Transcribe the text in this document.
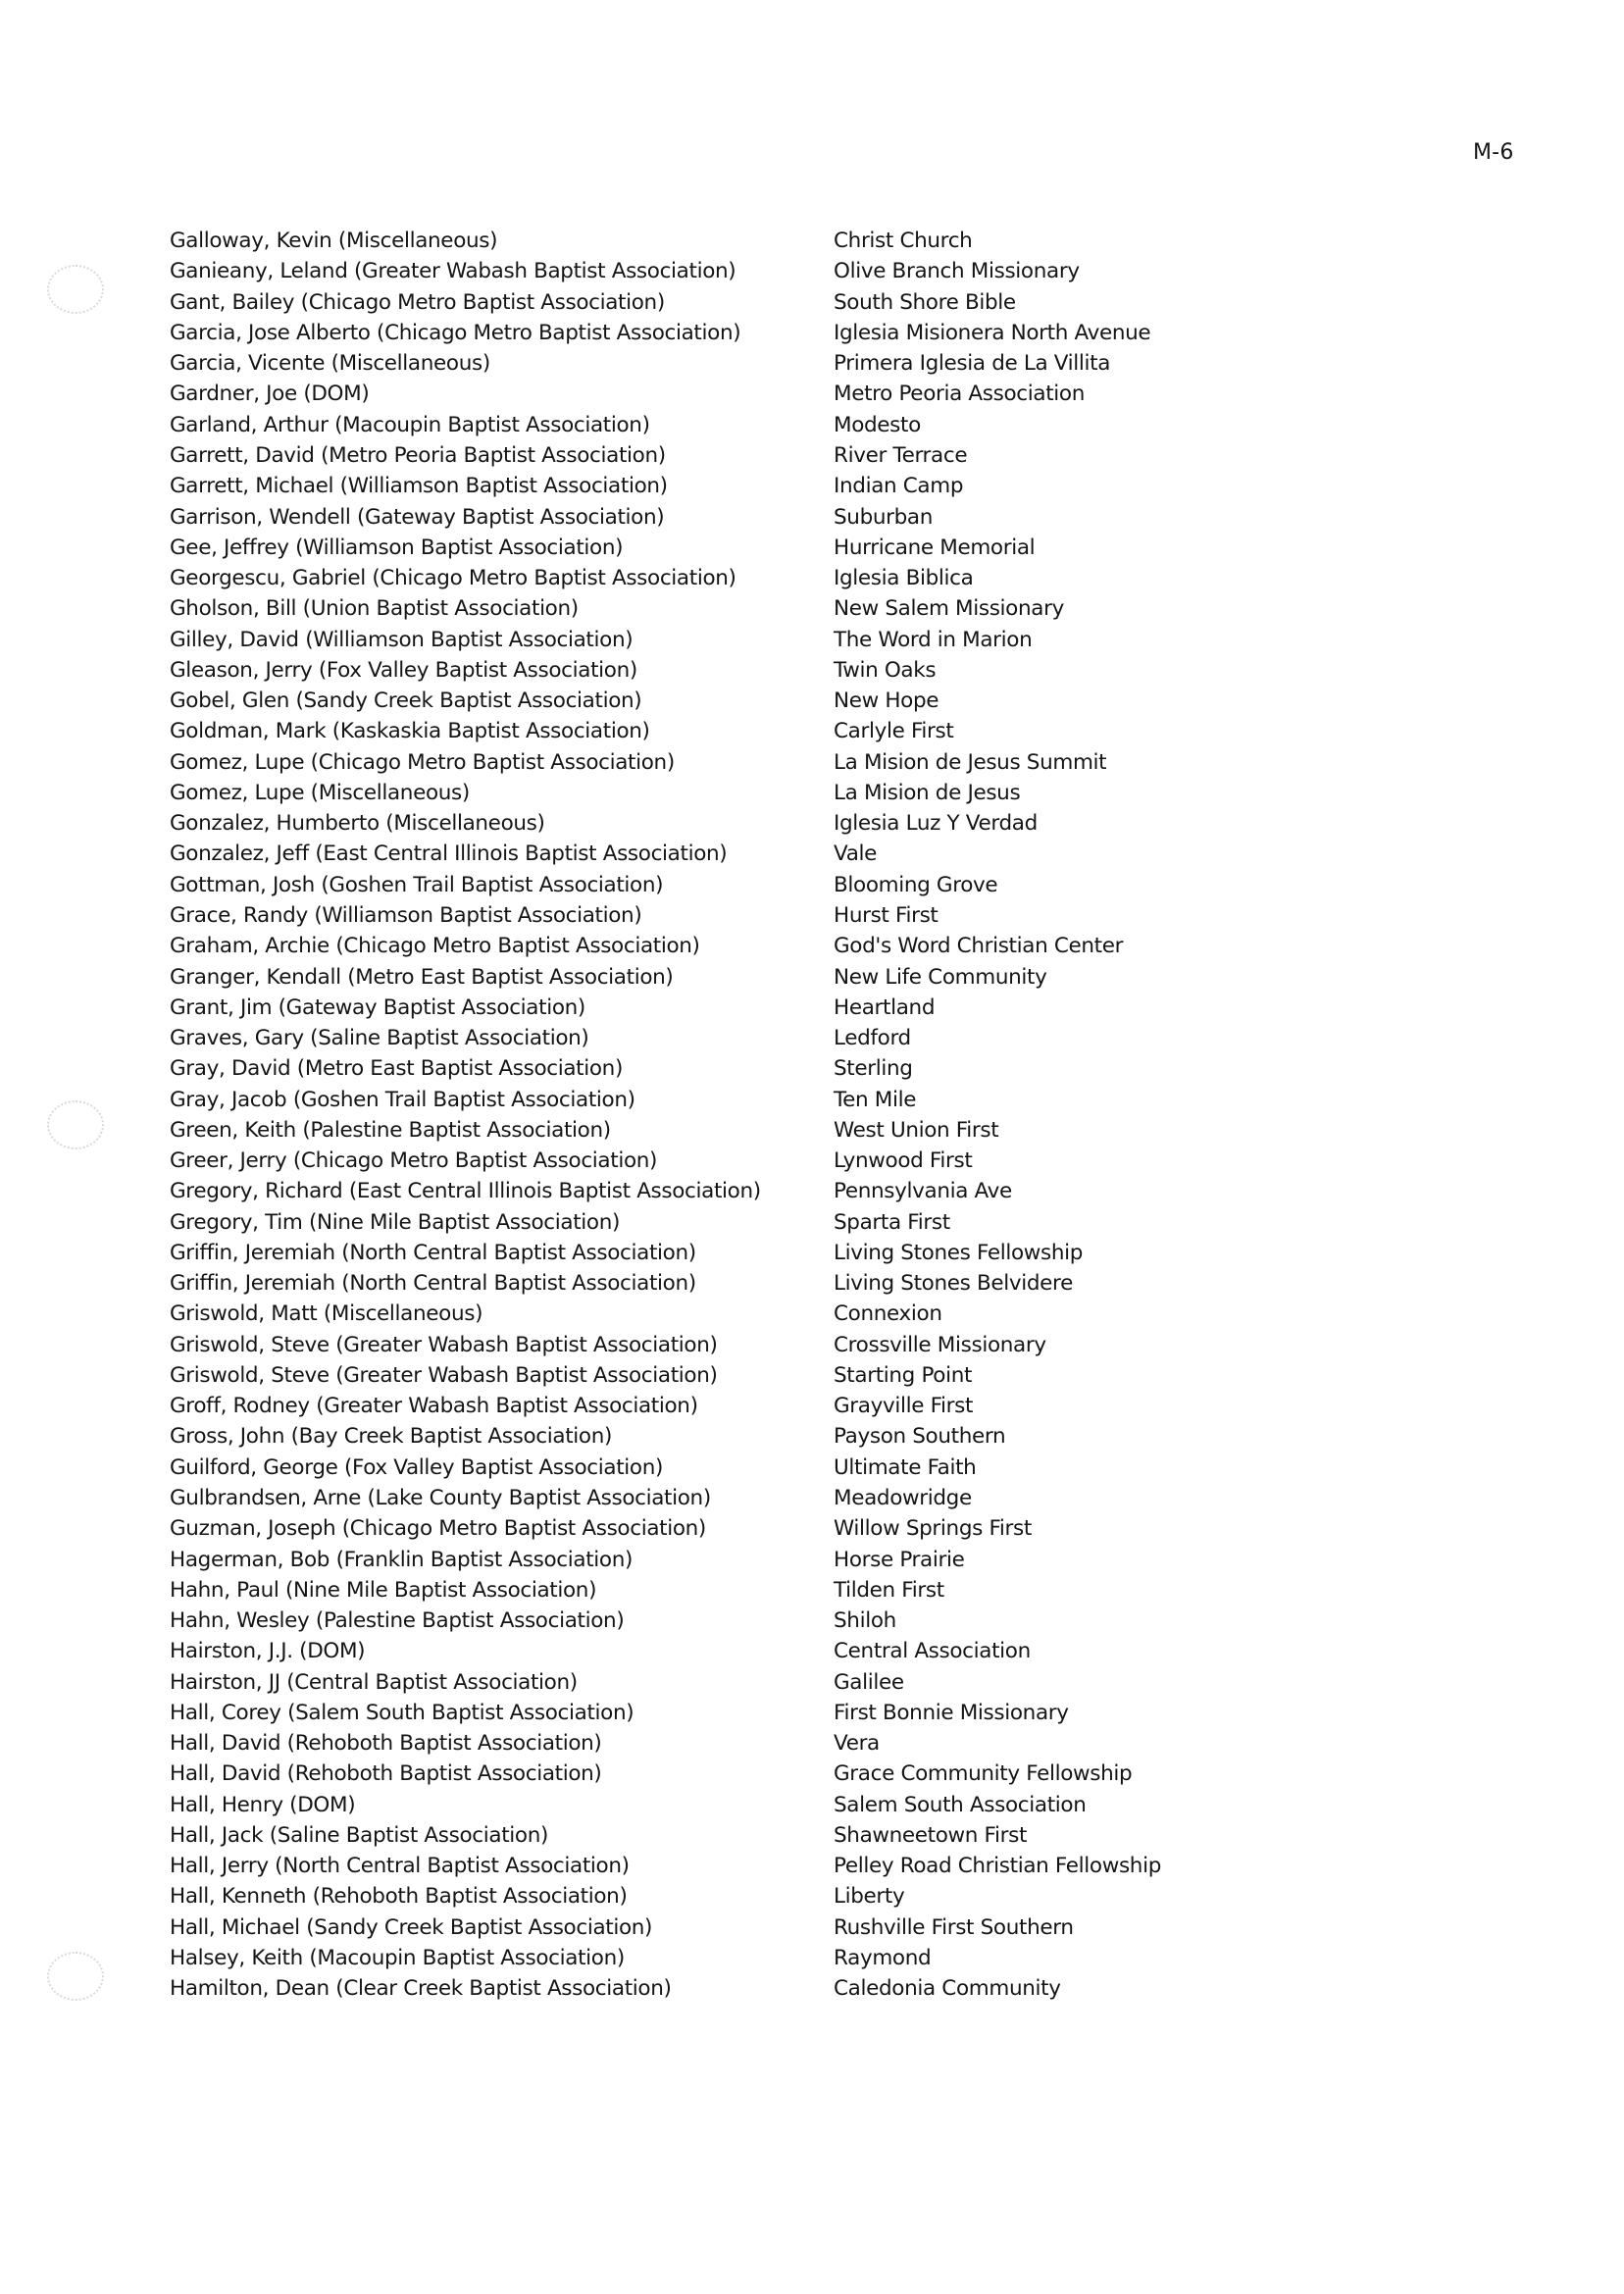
M-6
Galloway, Kevin (Miscellaneous)	Christ Church
Ganieany, Leland (Greater Wabash Baptist Association)	Olive Branch Missionary
Gant, Bailey (Chicago Metro Baptist Association)	South Shore Bible
Garcia, Jose Alberto (Chicago Metro Baptist Association)	Iglesia Misionera North Avenue
Garcia, Vicente (Miscellaneous)	Primera Iglesia de La Villita
Gardner, Joe (DOM)	Metro Peoria Association
Garland, Arthur (Macoupin Baptist Association)	Modesto
Garrett, David (Metro Peoria Baptist Association)	River Terrace
Garrett, Michael (Williamson Baptist Association)	Indian Camp
Garrison, Wendell (Gateway Baptist Association)	Suburban
Gee, Jeffrey (Williamson Baptist Association)	Hurricane Memorial
Georgescu, Gabriel (Chicago Metro Baptist Association)	Iglesia Biblica
Gholson, Bill (Union Baptist Association)	New Salem Missionary
Gilley, David (Williamson Baptist Association)	The Word in Marion
Gleason, Jerry (Fox Valley Baptist Association)	Twin Oaks
Gobel, Glen (Sandy Creek Baptist Association)	New Hope
Goldman, Mark (Kaskaskia Baptist Association)	Carlyle First
Gomez, Lupe (Chicago Metro Baptist Association)	La Mision de Jesus Summit
Gomez, Lupe (Miscellaneous)	La Mision de Jesus
Gonzalez, Humberto (Miscellaneous)	Iglesia Luz Y Verdad
Gonzalez, Jeff (East Central Illinois Baptist Association)	Vale
Gottman, Josh (Goshen Trail Baptist Association)	Blooming Grove
Grace, Randy (Williamson Baptist Association)	Hurst First
Graham, Archie (Chicago Metro Baptist Association)	God's Word Christian Center
Granger, Kendall (Metro East Baptist Association)	New Life Community
Grant, Jim (Gateway Baptist Association)	Heartland
Graves, Gary (Saline Baptist Association)	Ledford
Gray, David (Metro East Baptist Association)	Sterling
Gray, Jacob (Goshen Trail Baptist Association)	Ten Mile
Green, Keith (Palestine Baptist Association)	West Union First
Greer, Jerry (Chicago Metro Baptist Association)	Lynwood First
Gregory, Richard (East Central Illinois Baptist Association)	Pennsylvania Ave
Gregory, Tim (Nine Mile Baptist Association)	Sparta First
Griffin, Jeremiah (North Central Baptist Association)	Living Stones Fellowship
Griffin, Jeremiah (North Central Baptist Association)	Living Stones Belvidere
Griswold, Matt (Miscellaneous)	Connexion
Griswold, Steve (Greater Wabash Baptist Association)	Crossville Missionary
Griswold, Steve (Greater Wabash Baptist Association)	Starting Point
Groff, Rodney (Greater Wabash Baptist Association)	Grayville First
Gross, John (Bay Creek Baptist Association)	Payson Southern
Guilford, George (Fox Valley Baptist Association)	Ultimate Faith
Gulbrandsen, Arne (Lake County Baptist Association)	Meadowridge
Guzman, Joseph (Chicago Metro Baptist Association)	Willow Springs First
Hagerman, Bob (Franklin Baptist Association)	Horse Prairie
Hahn, Paul (Nine Mile Baptist Association)	Tilden First
Hahn, Wesley (Palestine Baptist Association)	Shiloh
Hairston, J.J. (DOM)	Central Association
Hairston, JJ (Central Baptist Association)	Galilee
Hall, Corey (Salem South Baptist Association)	First Bonnie Missionary
Hall, David (Rehoboth Baptist Association)	Vera
Hall, David (Rehoboth Baptist Association)	Grace Community Fellowship
Hall, Henry (DOM)	Salem South Association
Hall, Jack (Saline Baptist Association)	Shawneetown First
Hall, Jerry (North Central Baptist Association)	Pelley Road Christian Fellowship
Hall, Kenneth (Rehoboth Baptist Association)	Liberty
Hall, Michael (Sandy Creek Baptist Association)	Rushville First Southern
Halsey, Keith (Macoupin Baptist Association)	Raymond
Hamilton, Dean (Clear Creek Baptist Association)	Caledonia Community
